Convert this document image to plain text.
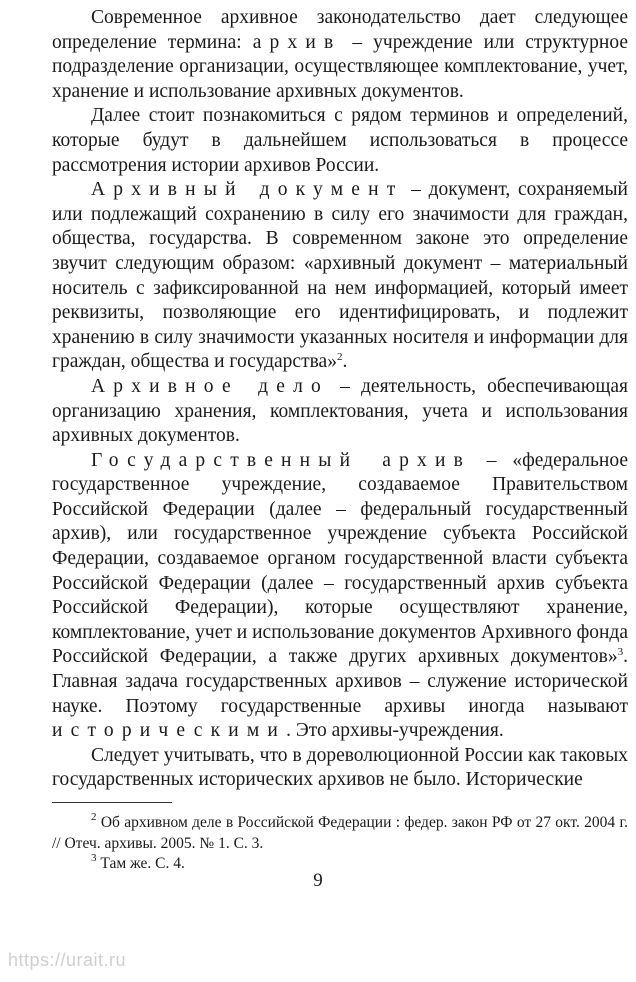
Современное архивное законодательство дает следующее определение термина: архив – учреждение или структурное подразделение организации, осуществляющее комплектование, учет, хранение и использование архивных документов.

Далее стоит познакомиться с рядом терминов и определений, которые будут в дальнейшем использоваться в процессе рассмотрения истории архивов России.

Архивный документ – документ, сохраняемый или подлежащий сохранению в силу его значимости для граждан, общества, государства. В современном законе это определение звучит следующим образом: «архивный документ – материальный носитель с зафиксированной на нем информацией, который имеет реквизиты, позволяющие его идентифицировать, и подлежит хранению в силу значимости указанных носителя и информации для граждан, общества и государства»$^2$.

Архивное дело – деятельность, обеспечивающая организацию хранения, комплектования, учета и использования архивных документов.

Государственный архив – «федеральное государственное учреждение, создаваемое Правительством Российской Федерации (далее – федеральный государственный архив), или государственное учреждение субъекта Российской Федерации, создаваемое органом государственной власти субъекта Российской Федерации (далее – государственный архив субъекта Российской Федерации), которые осуществляют хранение, комплектование, учет и использование документов Архивного фонда Российской Федерации, а также других архивных документов»$^3$. Главная задача государственных архивов – служение исторической науке. Поэтому государственные архивы иногда называют историческими. Это архивы-учреждения.

Следует учитывать, что в дореволюционной России как таковых государственных исторических архивов не было. Исторические

$^2$ Об архивном деле в Российской Федерации : федер. закон РФ от 27 окт. 2004 г. // Отеч. архивы. 2005. № 1. С. 3.

$^3$ Там же. С. 4.

9
https://urait.ru
